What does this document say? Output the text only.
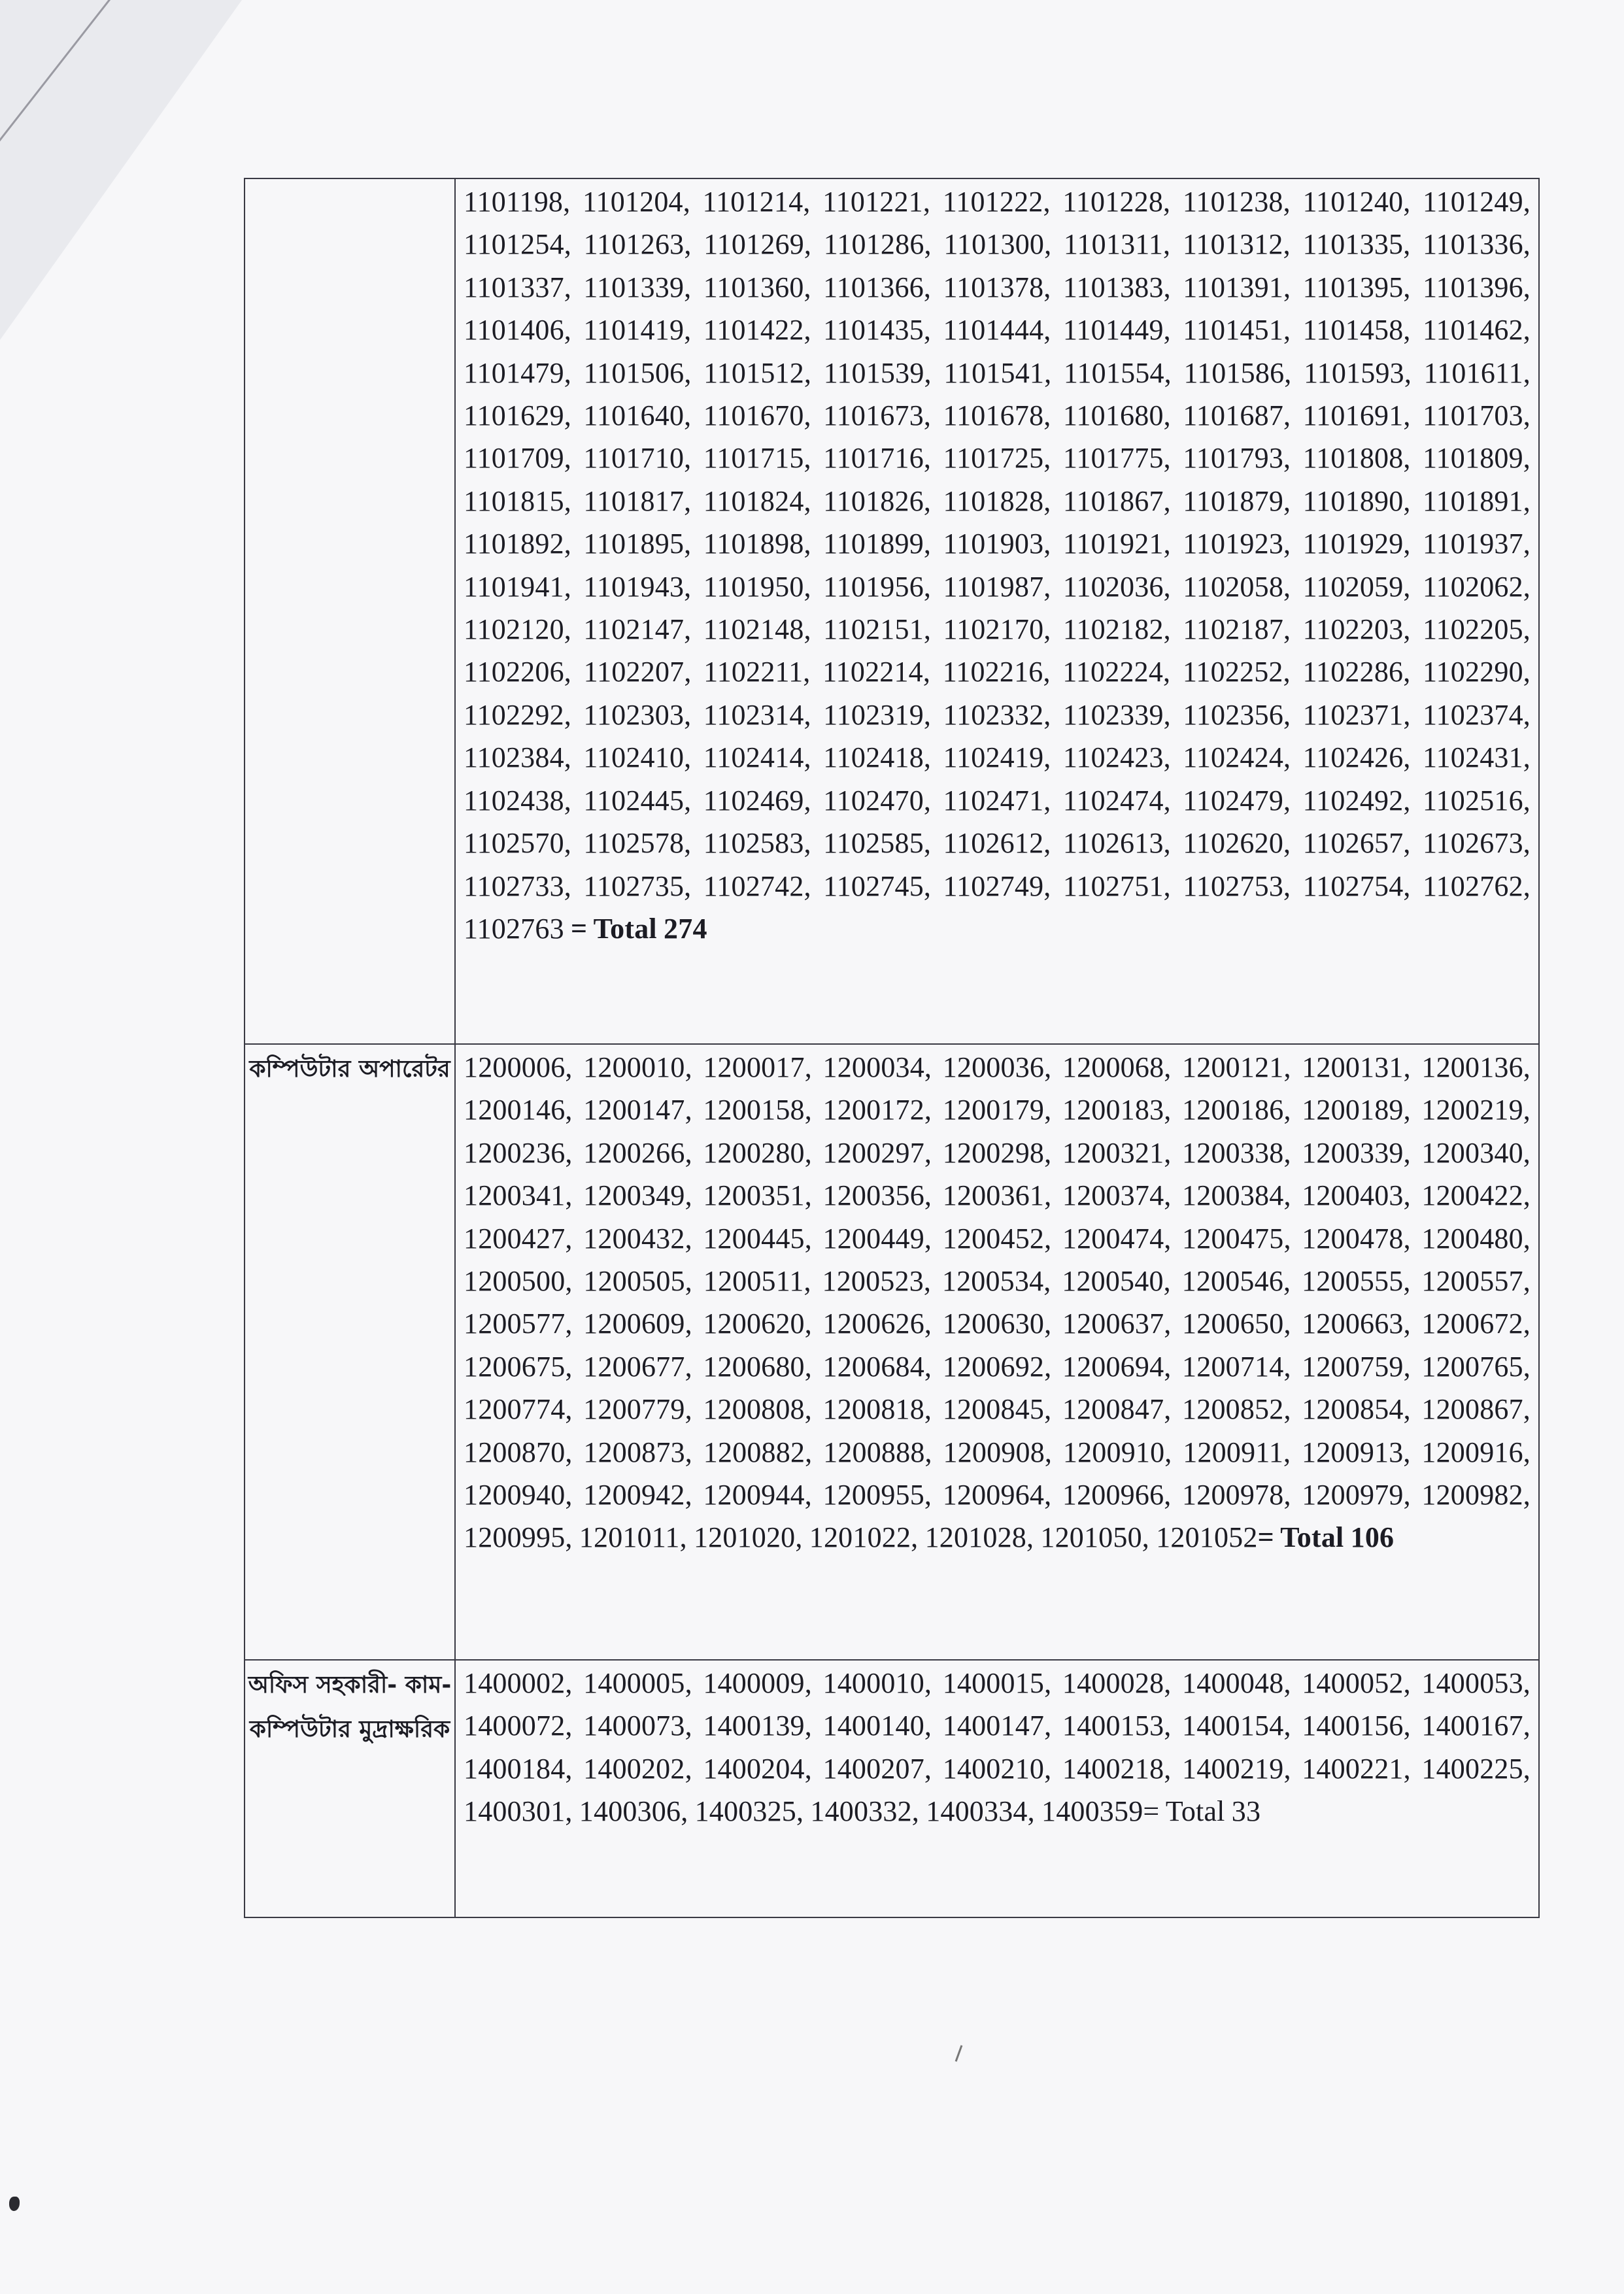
	1101198, 1101204, 1101214, 1101221, 1101222, 1101228, 1101238, 1101240, 1101249, 1101254, 1101263, 1101269, 1101286, 1101300, 1101311, 1101312, 1101335, 1101336, 1101337, 1101339, 1101360, 1101366, 1101378, 1101383, 1101391, 1101395, 1101396, 1101406, 1101419, 1101422, 1101435, 1101444, 1101449, 1101451, 1101458, 1101462, 1101479, 1101506, 1101512, 1101539, 1101541, 1101554, 1101586, 1101593, 1101611, 1101629, 1101640, 1101670, 1101673, 1101678, 1101680, 1101687, 1101691, 1101703, 1101709, 1101710, 1101715, 1101716, 1101725, 1101775, 1101793, 1101808, 1101809, 1101815, 1101817, 1101824, 1101826, 1101828, 1101867, 1101879, 1101890, 1101891, 1101892, 1101895, 1101898, 1101899, 1101903, 1101921, 1101923, 1101929, 1101937, 1101941, 1101943, 1101950, 1101956, 1101987, 1102036, 1102058, 1102059, 1102062, 1102120, 1102147, 1102148, 1102151, 1102170, 1102182, 1102187, 1102203, 1102205, 1102206, 1102207, 1102211, 1102214, 1102216, 1102224, 1102252, 1102286, 1102290, 1102292, 1102303, 1102314, 1102319, 1102332, 1102339, 1102356, 1102371, 1102374, 1102384, 1102410, 1102414, 1102418, 1102419, 1102423, 1102424, 1102426, 1102431, 1102438, 1102445, 1102469, 1102470, 1102471, 1102474, 1102479, 1102492, 1102516, 1102570, 1102578, 1102583, 1102585, 1102612, 1102613, 1102620, 1102657, 1102673, 1102733, 1102735, 1102742, 1102745, 1102749, 1102751, 1102753, 1102754, 1102762, 1102763 = Total 274
কম্পিউটার অপারেটর	1200006, 1200010, 1200017, 1200034, 1200036, 1200068, 1200121, 1200131, 1200136, 1200146, 1200147, 1200158, 1200172, 1200179, 1200183, 1200186, 1200189, 1200219, 1200236, 1200266, 1200280, 1200297, 1200298, 1200321, 1200338, 1200339, 1200340, 1200341, 1200349, 1200351, 1200356, 1200361, 1200374, 1200384, 1200403, 1200422, 1200427, 1200432, 1200445, 1200449, 1200452, 1200474, 1200475, 1200478, 1200480, 1200500, 1200505, 1200511, 1200523, 1200534, 1200540, 1200546, 1200555, 1200557, 1200577, 1200609, 1200620, 1200626, 1200630, 1200637, 1200650, 1200663, 1200672, 1200675, 1200677, 1200680, 1200684, 1200692, 1200694, 1200714, 1200759, 1200765, 1200774, 1200779, 1200808, 1200818, 1200845, 1200847, 1200852, 1200854, 1200867, 1200870, 1200873, 1200882, 1200888, 1200908, 1200910, 1200911, 1200913, 1200916, 1200940, 1200942, 1200944, 1200955, 1200964, 1200966, 1200978, 1200979, 1200982, 1200995, 1201011, 1201020, 1201022, 1201028, 1201050, 1201052= Total 106
অফিস সহকারী- কাম- কম্পিউটার মুদ্রাক্ষরিক	1400002, 1400005, 1400009, 1400010, 1400015, 1400028, 1400048, 1400052, 1400053, 1400072, 1400073, 1400139, 1400140, 1400147, 1400153, 1400154, 1400156, 1400167, 1400184, 1400202, 1400204, 1400207, 1400210, 1400218, 1400219, 1400221, 1400225, 1400301, 1400306, 1400325, 1400332, 1400334, 1400359= Total 33
